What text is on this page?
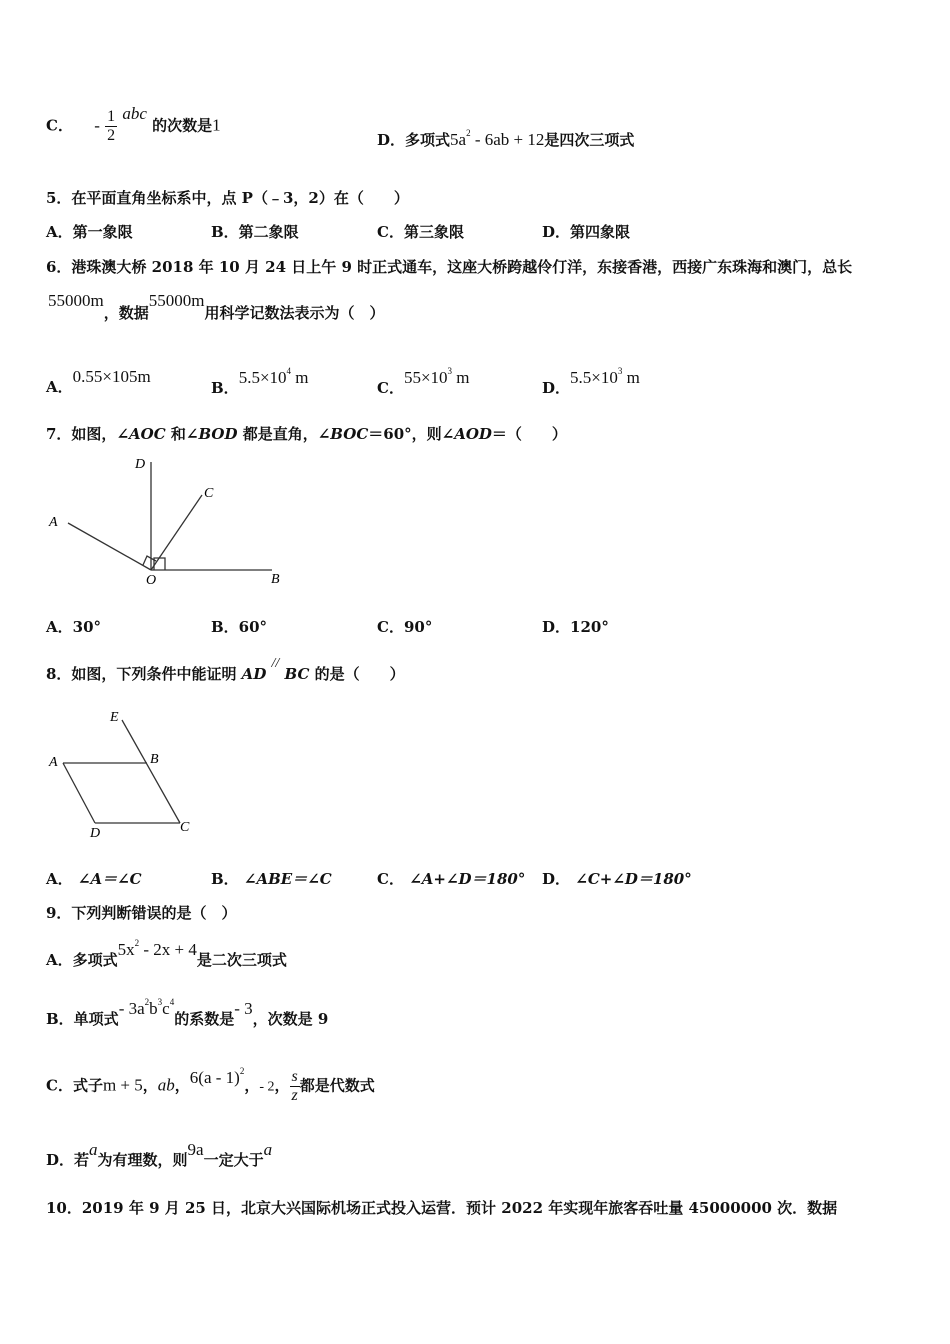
C． - $\frac{1}{2}$ abc 的次数是1
D．多项式$5a^2 - 6ab + 12$是四次三项式
5．在平面直角坐标系中，点 P（﹣3，2）在（　　）
A．第一象限	B．第二象限	C．第三象限	D．第四象限
6．港珠澳大桥 2018 年 10 月 24 日上午 9 时正式通车，这座大桥跨越伶仃洋，东接香港，西接广东珠海和澳门，总长
55000m，数据55000m用科学记数法表示为（　）
A．0.55×105m
B．$5.5\times 10^4$ m
C．$55\times 10^3$ m
D．$5.5\times 10^3$ m
7．如图，∠AOC 和∠BOD 都是直角，∠BOC＝60°，则∠AOD＝（　　）
D
C
A
O	B
A．30°	B．60°	C．90°	D．120°
8．如图，下列条件中能证明 AD // BC 的是（　　）
E
A	B
D	C
A． ∠A＝∠C	B． ∠ABE＝∠C	C． ∠A+∠D＝180° D． ∠C+∠D＝180°
9．下列判断错误的是（　）
A．多项式$5x^2 - 2x + 4$是二次三项式
B．单项式- $3a^2b^3c^4$的系数是- 3，次数是 9
C．式子m + 5，ab，6(a - 1)$^2$，- 2， $\frac{s}{z}$ 都是代数式
D．若a为有理数，则9a一定大于a
10．2019 年 9 月 25 日，北京大兴国际机场正式投入运营．预计 2022 年实现年旅客吞吐量 45000000 次．数据
